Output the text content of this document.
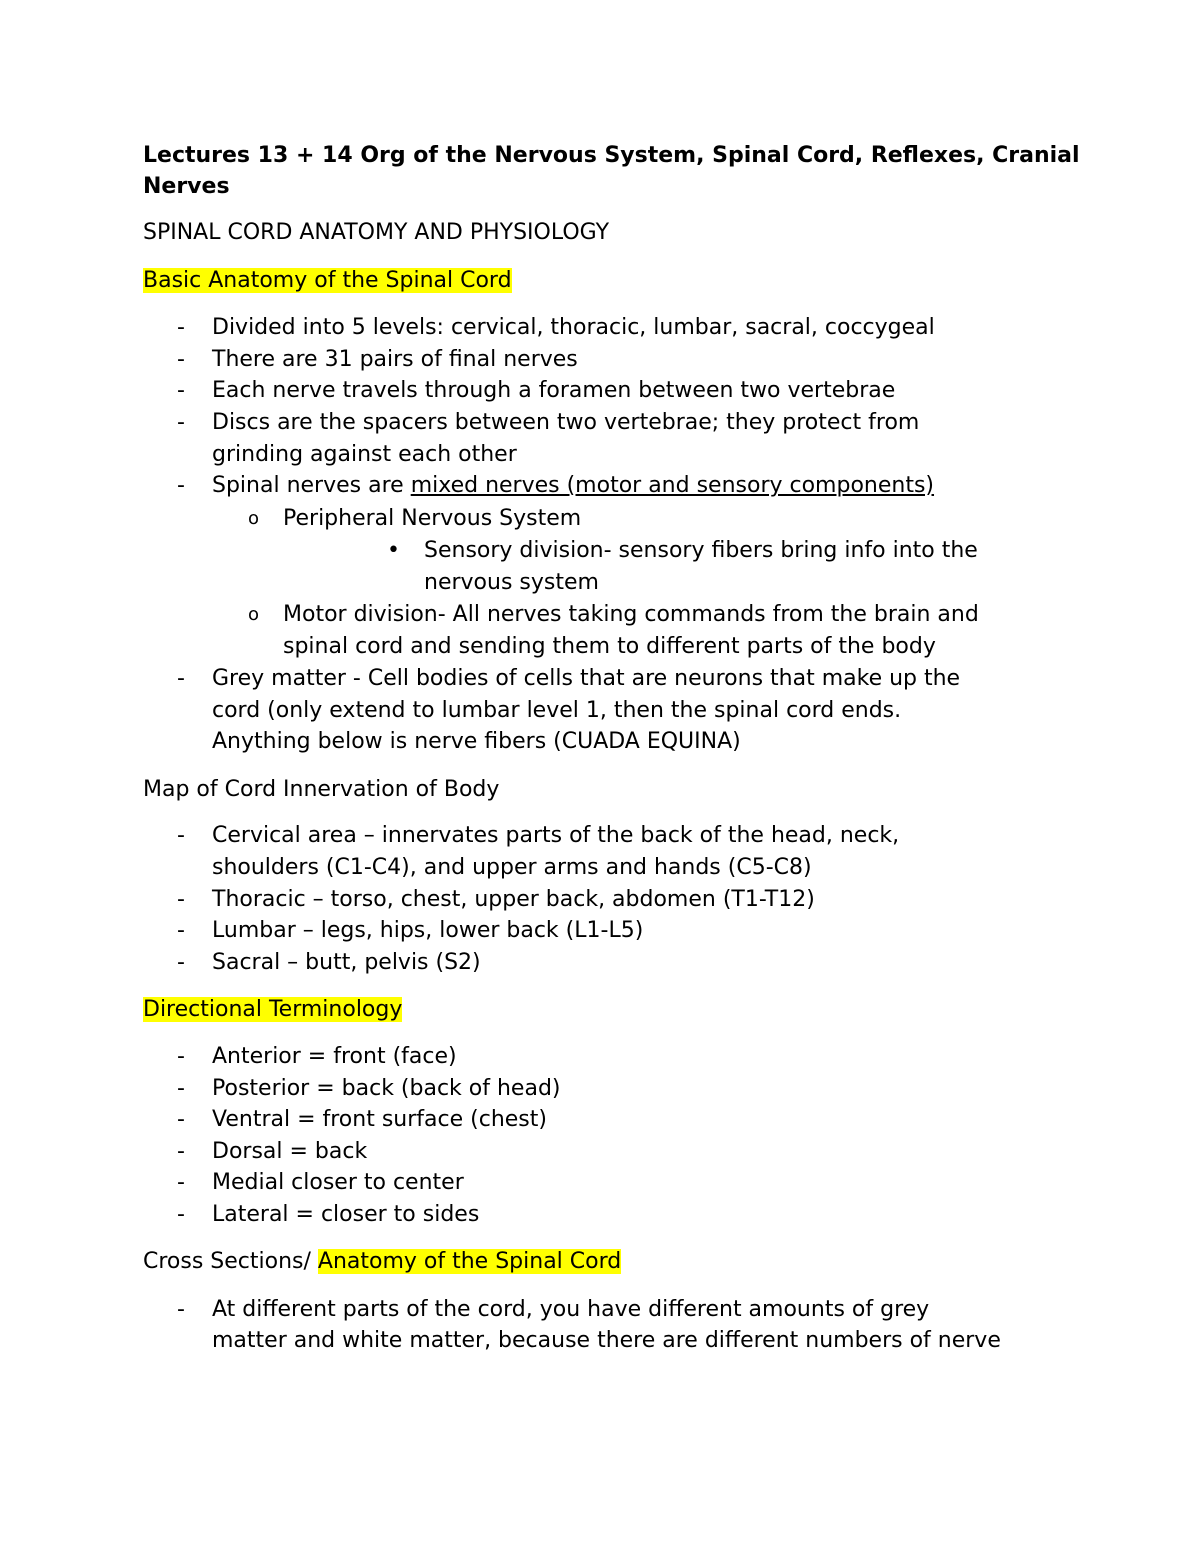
Lectures 13 + 14 Org of the Nervous System, Spinal Cord, Reflexes, Cranial Nerves
SPINAL CORD ANATOMY AND PHYSIOLOGY
Basic Anatomy of the Spinal Cord
- Divided into 5 levels: cervical, thoracic, lumbar, sacral, coccygeal
- There are 31 pairs of final nerves
- Each nerve travels through a foramen between two vertebrae
- Discs are the spacers between two vertebrae; they protect from
grinding against each other
- Spinal nerves are mixed nerves (motor and sensory components)
o Peripheral Nervous System
• Sensory division- sensory fibers bring info into the
nervous system
o Motor division- All nerves taking commands from the brain and
spinal cord and sending them to different parts of the body
- Grey matter - Cell bodies of cells that are neurons that make up the
cord (only extend to lumbar level 1, then the spinal cord ends.
Anything below is nerve fibers (CUADA EQUINA)
Map of Cord Innervation of Body
- Cervical area – innervates parts of the back of the head, neck,
shoulders (C1-C4), and upper arms and hands (C5-C8)
- Thoracic – torso, chest, upper back, abdomen (T1-T12)
- Lumbar – legs, hips, lower back (L1-L5)
- Sacral – butt, pelvis (S2)
Directional Terminology
- Anterior = front (face)
- Posterior = back (back of head)
- Ventral = front surface (chest)
- Dorsal = back
- Medial closer to center
- Lateral = closer to sides
Cross Sections/ Anatomy of the Spinal Cord
- At different parts of the cord, you have different amounts of grey
matter and white matter, because there are different numbers of nerve
